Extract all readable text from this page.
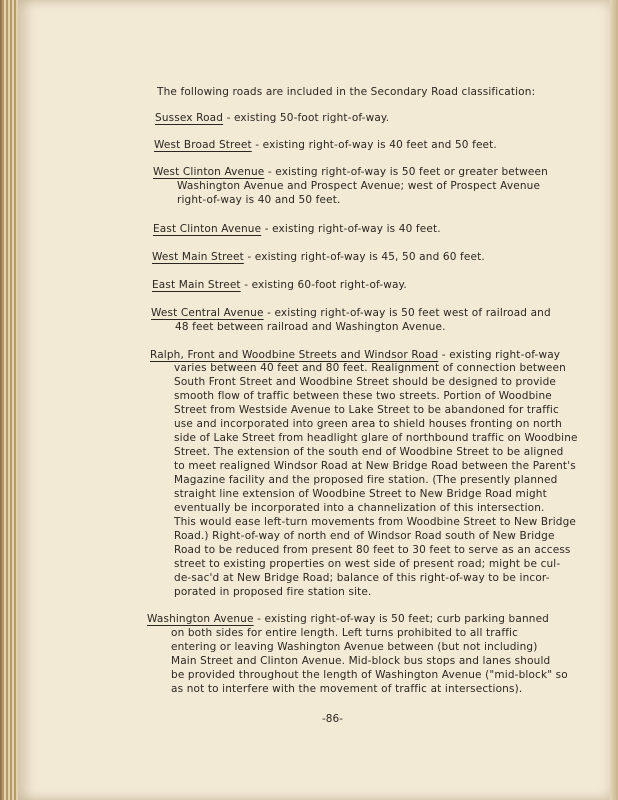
The following roads are included in the Secondary Road classification:
Sussex Road - existing 50-foot right-of-way.
West Broad Street - existing right-of-way is 40 feet and 50 feet.
West Clinton Avenue - existing right-of-way is 50 feet or greater between
Washington Avenue and Prospect Avenue; west of Prospect Avenue
right-of-way is 40 and 50 feet.
East Clinton Avenue - existing right-of-way is 40 feet.
West Main Street - existing right-of-way is 45, 50 and 60 feet.
East Main Street - existing 60-foot right-of-way.
West Central Avenue - existing right-of-way is 50 feet west of railroad and
48 feet between railroad and Washington Avenue.
Ralph, Front and Woodbine Streets and Windsor Road - existing right-of-way
varies between 40 feet and 80 feet. Realignment of connection between
South Front Street and Woodbine Street should be designed to provide
smooth flow of traffic between these two streets. Portion of Woodbine
Street from Westside Avenue to Lake Street to be abandoned for traffic
use and incorporated into green area to shield houses fronting on north
side of Lake Street from headlight glare of northbound traffic on Woodbine
Street. The extension of the south end of Woodbine Street to be aligned
to meet realigned Windsor Road at New Bridge Road between the Parent's
Magazine facility and the proposed fire station. (The presently planned
straight line extension of Woodbine Street to New Bridge Road might
eventually be incorporated into a channelization of this intersection.
This would ease left-turn movements from Woodbine Street to New Bridge
Road.) Right-of-way of north end of Windsor Road south of New Bridge
Road to be reduced from present 80 feet to 30 feet to serve as an access
street to existing properties on west side of present road; might be cul-
de-sac'd at New Bridge Road; balance of this right-of-way to be incor-
porated in proposed fire station site.
Washington Avenue - existing right-of-way is 50 feet; curb parking banned
on both sides for entire length. Left turns prohibited to all traffic
entering or leaving Washington Avenue between (but not including)
Main Street and Clinton Avenue. Mid-block bus stops and lanes should
be provided throughout the length of Washington Avenue ("mid-block" so
as not to interfere with the movement of traffic at intersections).
-86-
